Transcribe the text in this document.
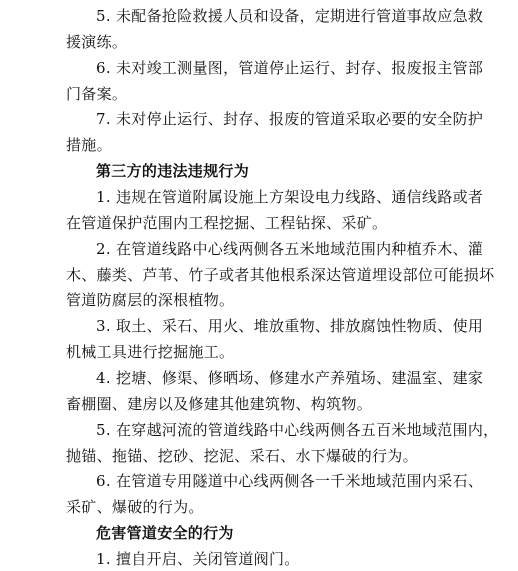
5. 未配备抢险救援人员和设备，定期进行管道事故应急救
援演练。
6. 未对竣工测量图，管道停止运行、封存、报废报主管部
门备案。
7. 未对停止运行、封存、报废的管道采取必要的安全防护
措施。
第三方的违法违规行为
1. 违规在管道附属设施上方架设电力线路、通信线路或者
在管道保护范围内工程挖掘、工程钻探、采矿。
2. 在管道线路中心线两侧各五米地域范围内种植乔木、灌
木、藤类、芦苇、竹子或者其他根系深达管道埋设部位可能损坏
管道防腐层的深根植物。
3. 取土、采石、用火、堆放重物、排放腐蚀性物质、使用
机械工具进行挖掘施工。
4. 挖塘、修渠、修晒场、修建水产养殖场、建温室、建家
畜棚圈、建房以及修建其他建筑物、构筑物。
5. 在穿越河流的管道线路中心线两侧各五百米地域范围内，
抛锚、拖锚、挖砂、挖泥、采石、水下爆破的行为。
6. 在管道专用隧道中心线两侧各一千米地域范围内采石、
采矿、爆破的行为。
危害管道安全的行为
1. 擅自开启、关闭管道阀门。
